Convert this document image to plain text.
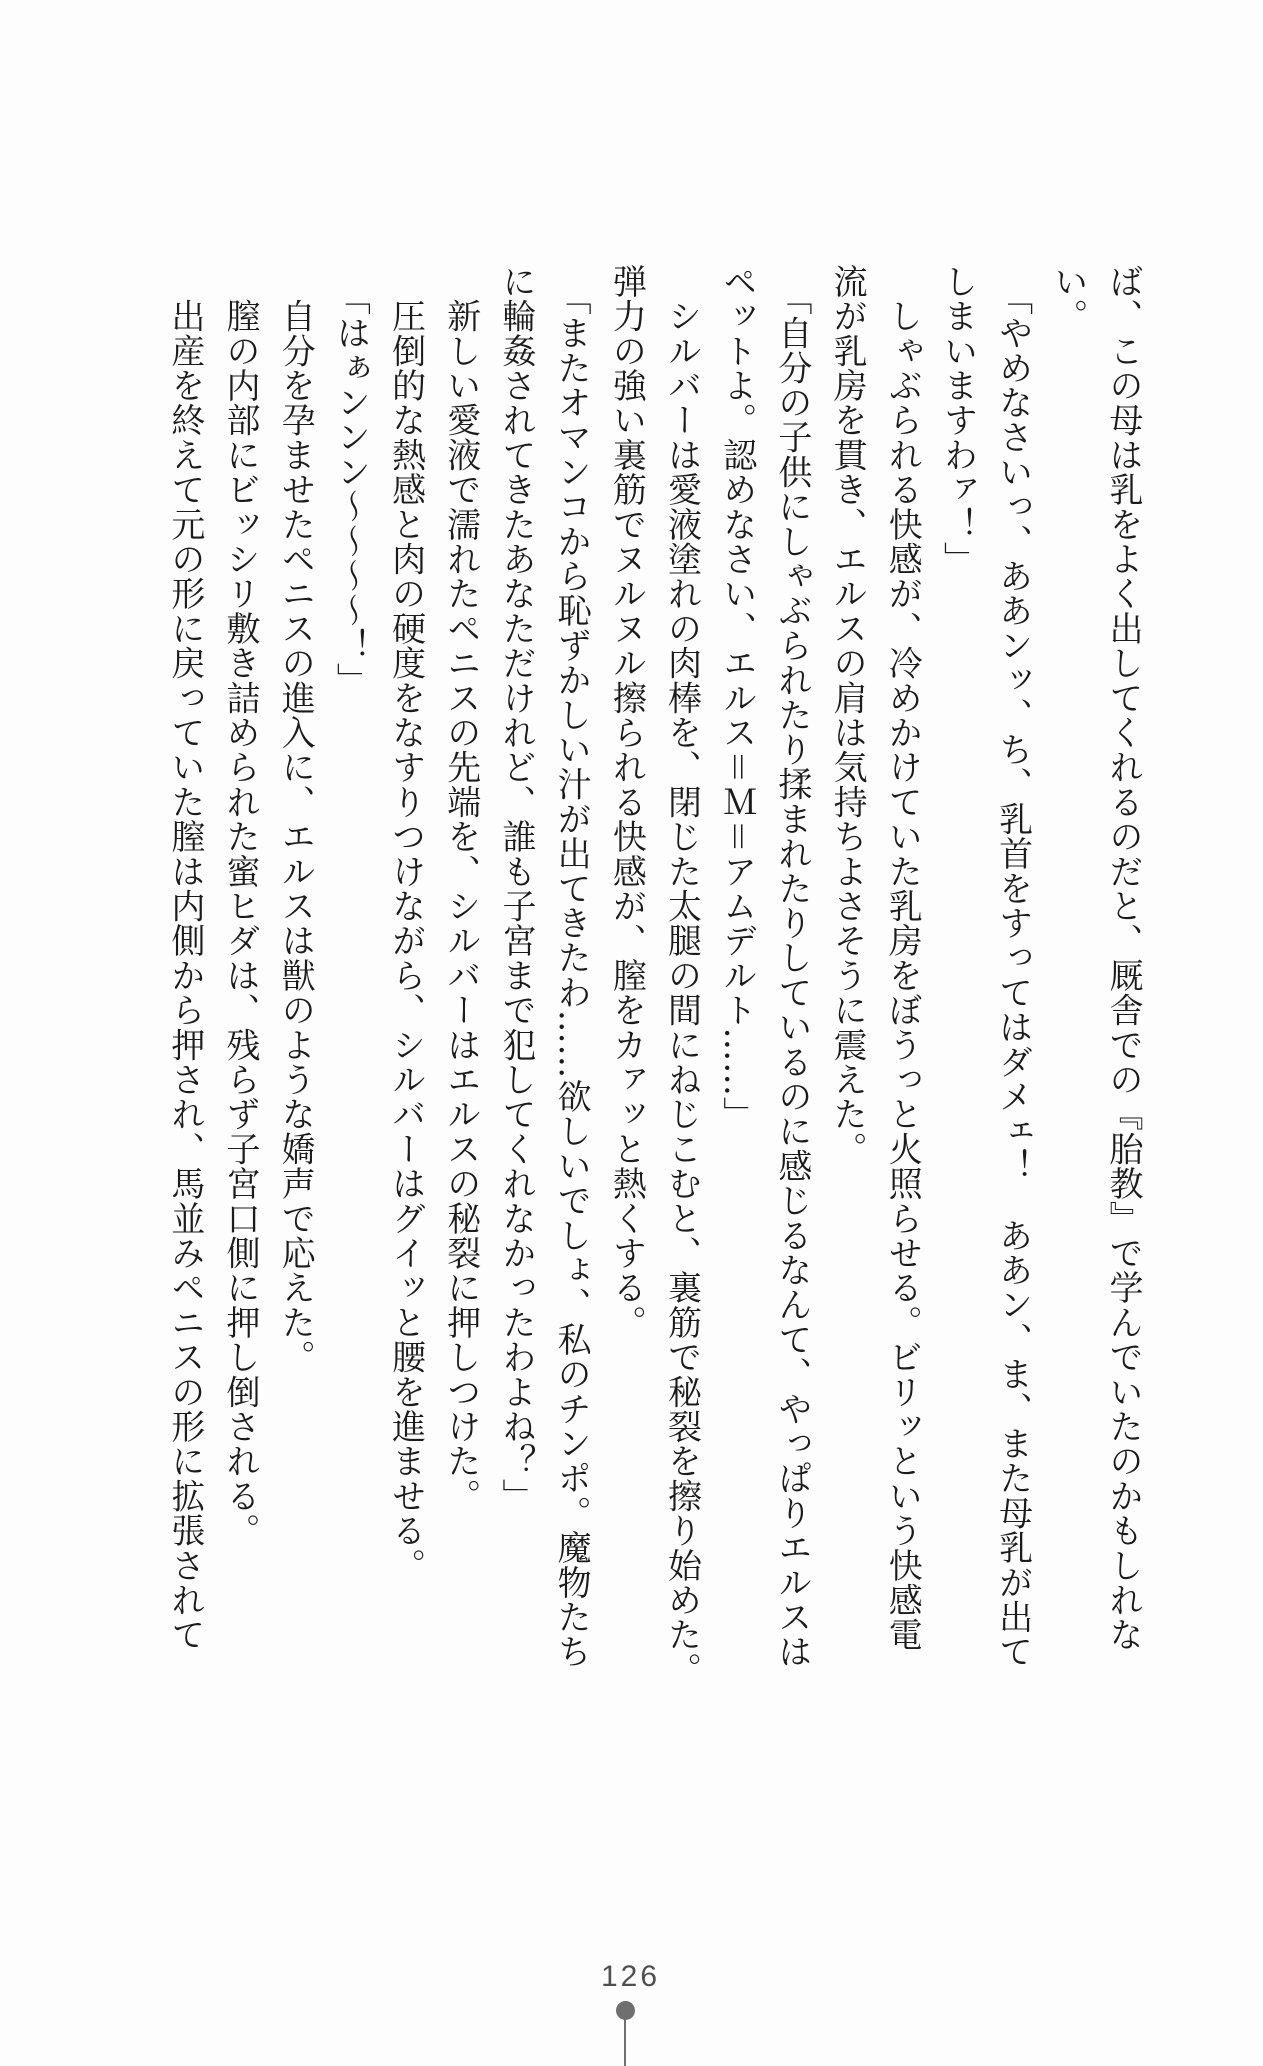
ば、この母は乳をよく出してくれるのだと、厩舎での『胎教』で学んでいたのかもしれな
い。
「やめなさいっ、ああンッ、ち、乳首をすってはダメェ！　ああン、ま、また母乳が出て
しまいますわァ！」
　しゃぶられる快感が、冷めかけていた乳房をぼうっと火照らせる。ビリッという快感電
流が乳房を貫き、エルスの肩は気持ちよさそうに震えた。
「自分の子供にしゃぶられたり揉まれたりしているのに感じるなんて、やっぱりエルスは
ペットよ。認めなさい、エルス＝Ｍ＝アムデルト……」
　シルバーは愛液塗れの肉棒を、閉じた太腿の間にねじこむと、裏筋で秘裂を擦り始めた。
弾力の強い裏筋でヌルヌル擦られる快感が、膣をカァッと熱くする。
「またオマンコから恥ずかしい汁が出てきたわ……欲しいでしょ、私のチンポ。魔物たち
に輪姦されてきたあなただけれど、誰も子宮まで犯してくれなかったわよね？」
　新しい愛液で濡れたペニスの先端を、シルバーはエルスの秘裂に押しつけた。
　圧倒的な熱感と肉の硬度をなすりつけながら、シルバーはグイッと腰を進ませる。
「はぁンンン〜〜〜〜！」
　自分を孕ませたペニスの進入に、エルスは獣のような嬌声で応えた。
　膣の内部にビッシリ敷き詰められた蜜ヒダは、残らず子宮口側に押し倒される。
　出産を終えて元の形に戻っていた膣は内側から押され、馬並みペニスの形に拡張されて
126
